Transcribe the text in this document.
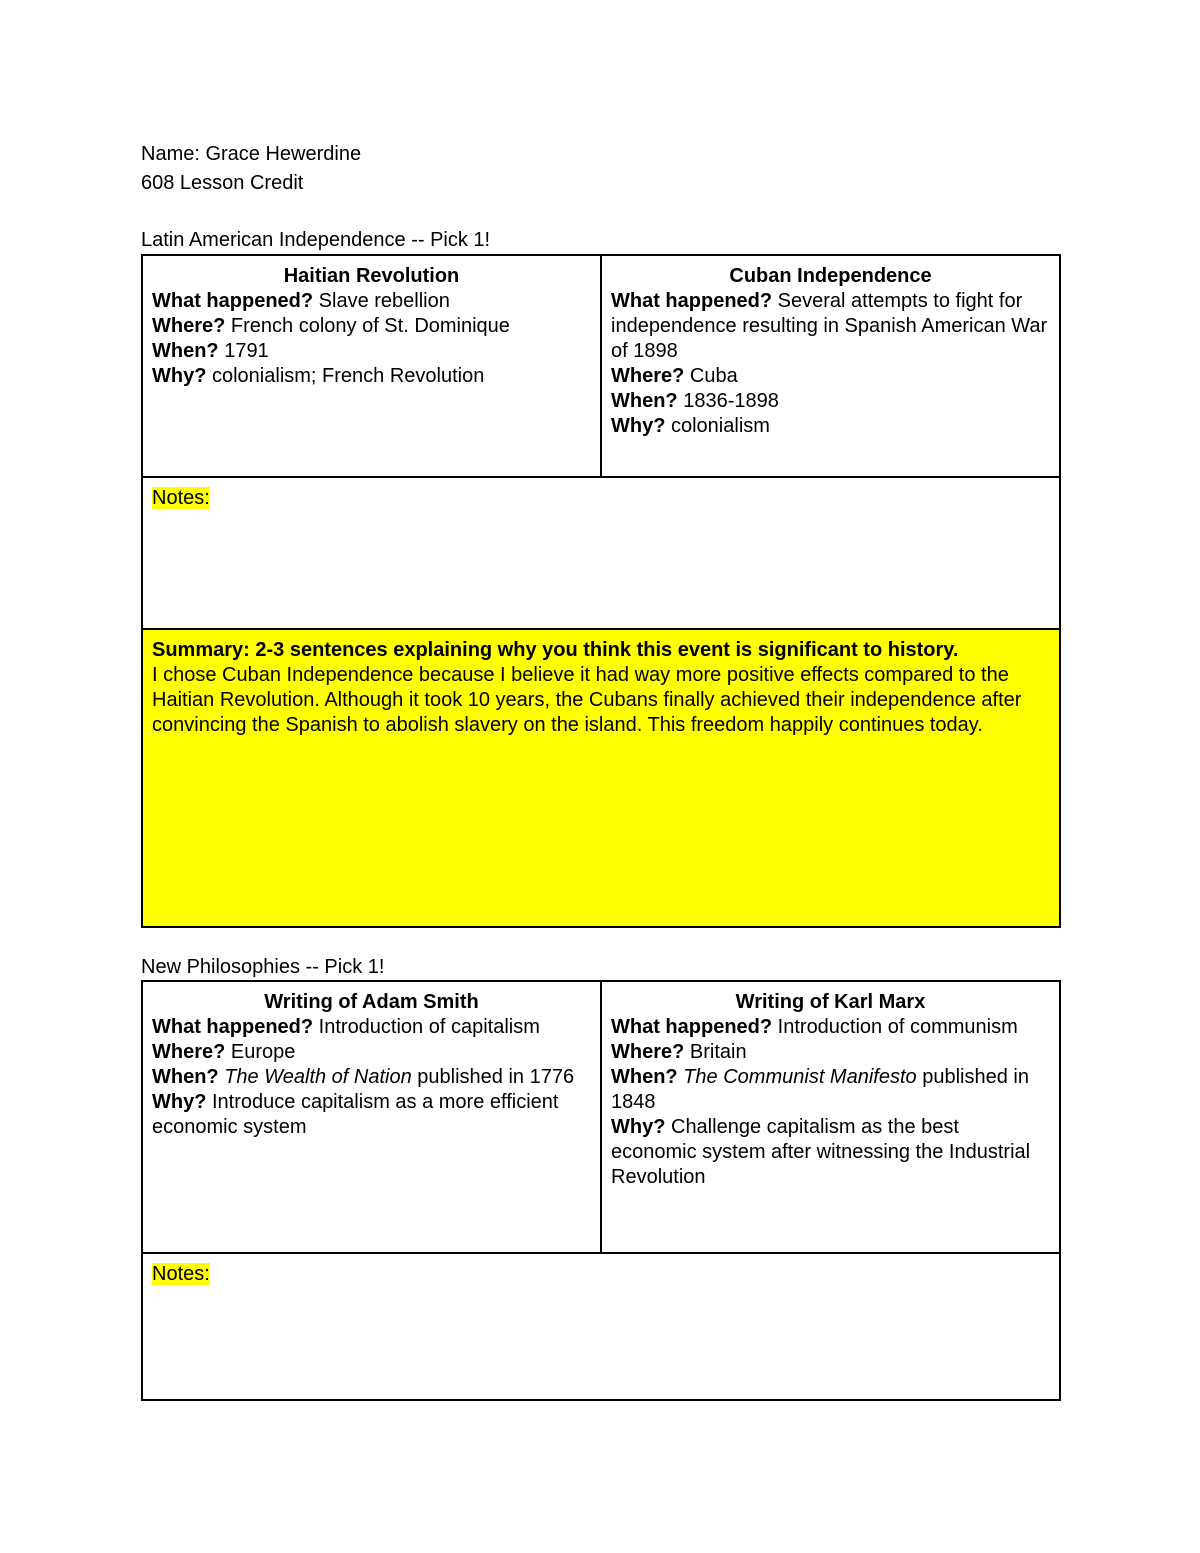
Name: Grace Hewerdine
608 Lesson Credit
Latin American Independence -- Pick 1!
Haitian Revolution
What happened? Slave rebellion
Where? French colony of St. Dominique
When? 1791
Why? colonialism; French Revolution

Cuban Independence
What happened? Several attempts to fight for independence resulting in Spanish American War of 1898
Where? Cuba
When? 1836-1898
Why? colonialism

Notes:

Summary: 2-3 sentences explaining why you think this event is significant to history.
I chose Cuban Independence because I believe it had way more positive effects compared to the Haitian Revolution. Although it took 10 years, the Cubans finally achieved their independence after convincing the Spanish to abolish slavery on the island. This freedom happily continues today.
New Philosophies -- Pick 1!
Writing of Adam Smith
What happened? Introduction of capitalism
Where? Europe
When? The Wealth of Nation published in 1776
Why? Introduce capitalism as a more efficient economic system

Writing of Karl Marx
What happened? Introduction of communism
Where? Britain
When? The Communist Manifesto published in 1848
Why? Challenge capitalism as the best economic system after witnessing the Industrial Revolution

Notes:
